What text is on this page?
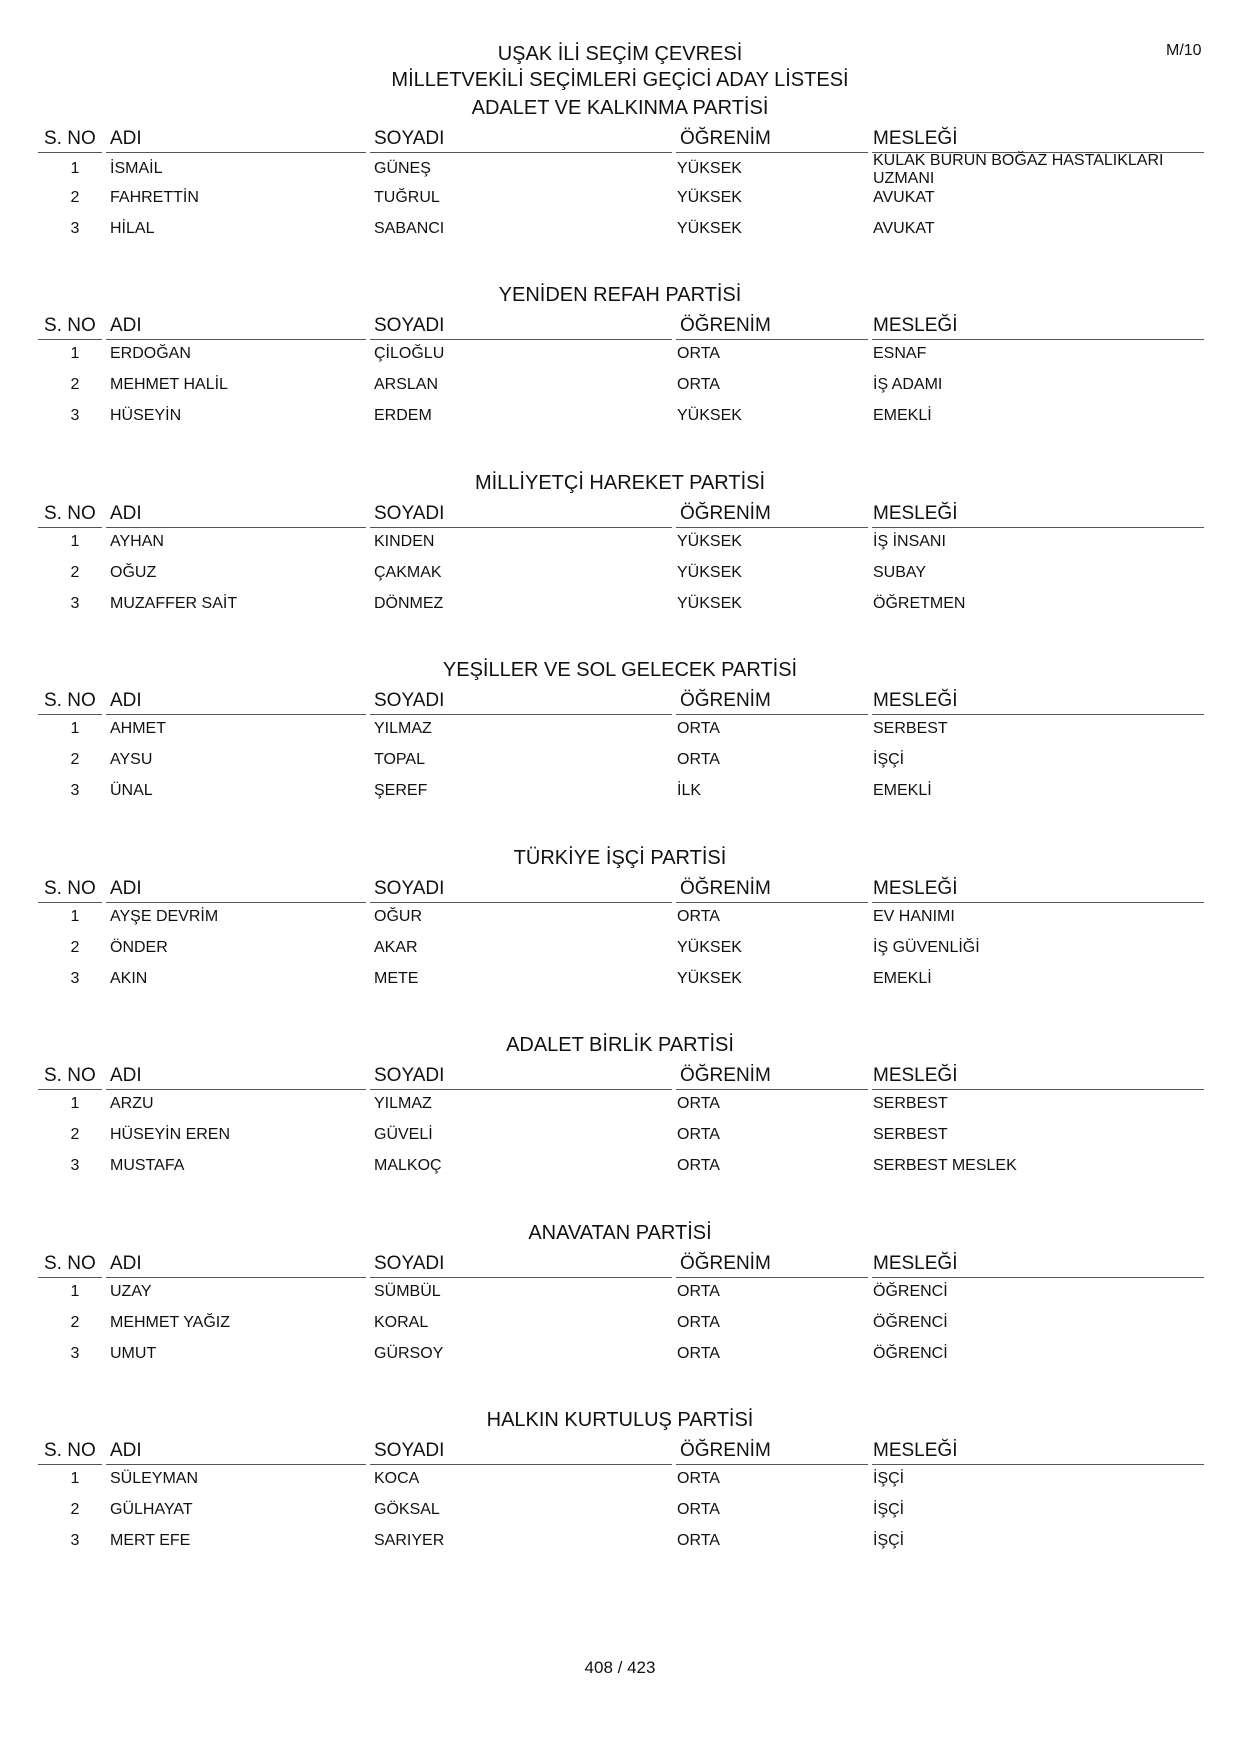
UŞAK İLİ SEÇİM ÇEVRESİ
MİLLETVEKİLİ SEÇİMLERİ GEÇİCİ ADAY LİSTESİ
M/10
ADALET VE KALKINMA PARTİSİ
S. NO ADI	SOYADI	ÖĞRENİM	MESLEĞİ
1	İSMAİL	GÜNEŞ	YÜKSEK	KULAK BURUN BOĞAZ HASTALIKLARI UZMANI
2	FAHRETTİN	TUĞRUL	YÜKSEK	AVUKAT
3	HİLAL	SABANCI	YÜKSEK	AVUKAT
YENİDEN REFAH PARTİSİ
S. NO ADI	SOYADI	ÖĞRENİM	MESLEĞİ
1	ERDOĞAN	ÇİLOĞLU	ORTA	ESNAF
2	MEHMET HALİL	ARSLAN	ORTA	İŞ ADAMI
3	HÜSEYİN	ERDEM	YÜKSEK	EMEKLİ
MİLLİYETÇİ HAREKET PARTİSİ
S. NO ADI	SOYADI	ÖĞRENİM	MESLEĞİ
1	AYHAN	KINDEN	YÜKSEK	İŞ İNSANI
2	OĞUZ	ÇAKMAK	YÜKSEK	SUBAY
3	MUZAFFER SAİT	DÖNMEZ	YÜKSEK	ÖĞRETMEN
YEŞİLLER VE SOL GELECEK PARTİSİ
S. NO ADI	SOYADI	ÖĞRENİM	MESLEĞİ
1	AHMET	YILMAZ	ORTA	SERBEST
2	AYSU	TOPAL	ORTA	İŞÇİ
3	ÜNAL	ŞEREF	İLK	EMEKLİ
TÜRKİYE İŞÇİ PARTİSİ
S. NO ADI	SOYADI	ÖĞRENİM	MESLEĞİ
1	AYŞE DEVRİM	OĞUR	ORTA	EV HANIMI
2	ÖNDER	AKAR	YÜKSEK	İŞ GÜVENLİĞİ
3	AKIN	METE	YÜKSEK	EMEKLİ
ADALET BİRLİK PARTİSİ
S. NO ADI	SOYADI	ÖĞRENİM	MESLEĞİ
1	ARZU	YILMAZ	ORTA	SERBEST
2	HÜSEYİN EREN	GÜVELİ	ORTA	SERBEST
3	MUSTAFA	MALKOÇ	ORTA	SERBEST MESLEK
ANAVATAN PARTİSİ
S. NO ADI	SOYADI	ÖĞRENİM	MESLEĞİ
1	UZAY	SÜMBÜL	ORTA	ÖĞRENCİ
2	MEHMET YAĞIZ	KORAL	ORTA	ÖĞRENCİ
3	UMUT	GÜRSOY	ORTA	ÖĞRENCİ
HALKIN KURTULUŞ PARTİSİ
S. NO ADI	SOYADI	ÖĞRENİM	MESLEĞİ
1	SÜLEYMAN	KOCA	ORTA	İŞÇİ
2	GÜLHAYAT	GÖKSAL	ORTA	İŞÇİ
3	MERT EFE	SARIYER	ORTA	İŞÇİ
408 / 423
